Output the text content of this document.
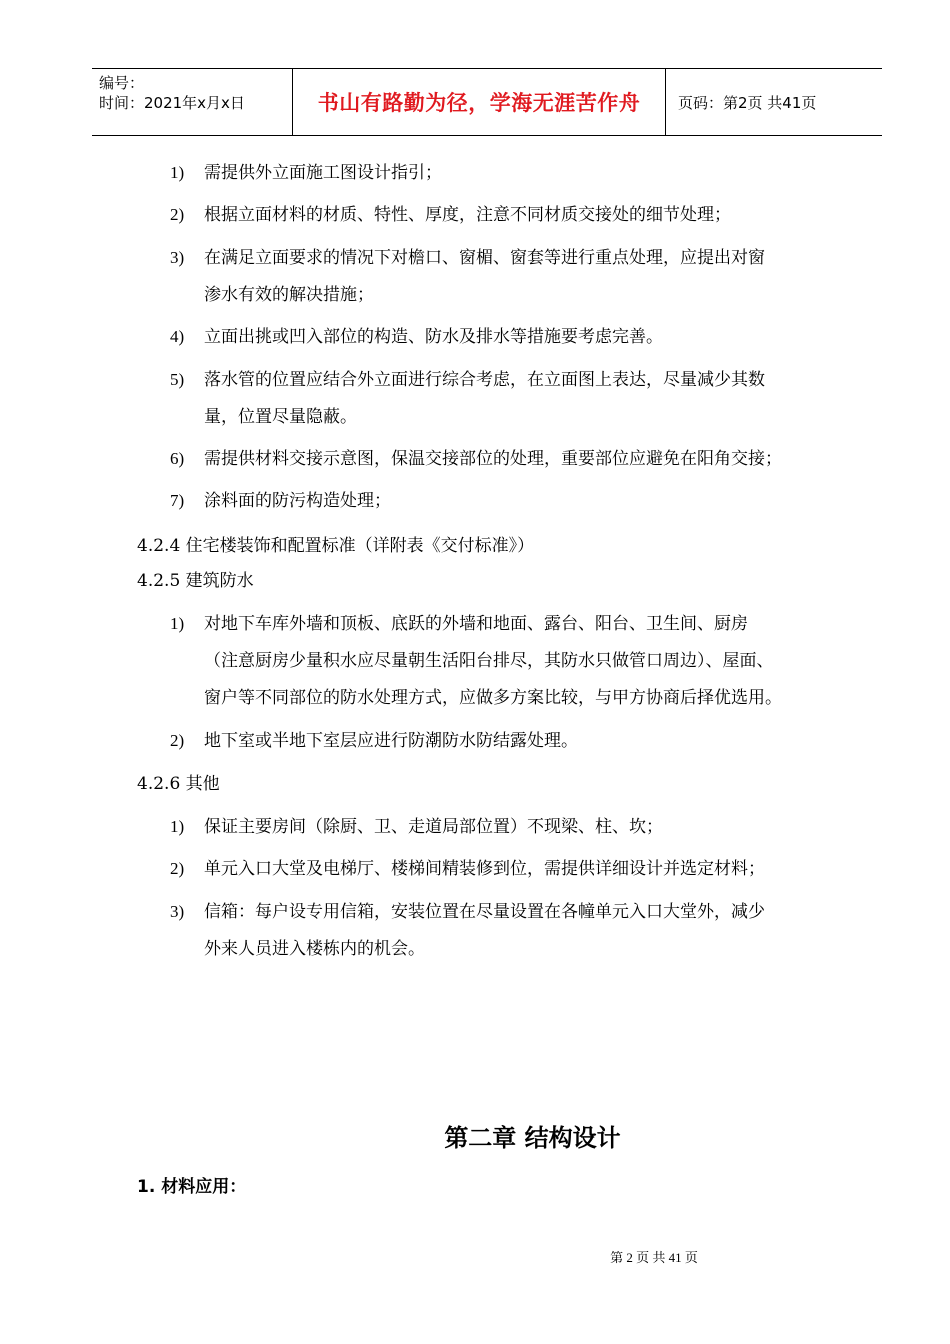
编号：
时间：2021年x月x日	书山有路勤为径，学海无涯苦作舟	页码：第2页 共41页
1) 需提供外立面施工图设计指引；
2) 根据立面材料的材质、特性、厚度，注意不同材质交接处的细节处理；
3) 在满足立面要求的情况下对檐口、窗楣、窗套等进行重点处理，应提出对窗
渗水有效的解决措施；
4) 立面出挑或凹入部位的构造、防水及排水等措施要考虑完善。
5) 落水管的位置应结合外立面进行综合考虑，在立面图上表达，尽量减少其数
量，位置尽量隐蔽。
6) 需提供材料交接示意图，保温交接部位的处理，重要部位应避免在阳角交接；
7) 涂料面的防污构造处理；
4.2.4 住宅楼装饰和配置标准（详附表《交付标准》）
4.2.5 建筑防水
1) 对地下车库外墙和顶板、底跃的外墙和地面、露台、阳台、卫生间、厨房
（注意厨房少量积水应尽量朝生活阳台排尽，其防水只做管口周边）、屋面、
窗户等不同部位的防水处理方式，应做多方案比较，与甲方协商后择优选用。
2) 地下室或半地下室层应进行防潮防水防结露处理。
4.2.6 其他
1) 保证主要房间（除厨、卫、走道局部位置）不现梁、柱、坎；
2) 单元入口大堂及电梯厅、楼梯间精装修到位，需提供详细设计并选定材料；
3) 信箱：每户设专用信箱，安装位置在尽量设置在各幢单元入口大堂外，减少
外来人员进入楼栋内的机会。
第二章 结构设计
1. 材料应用：
第 2 页 共 41 页
